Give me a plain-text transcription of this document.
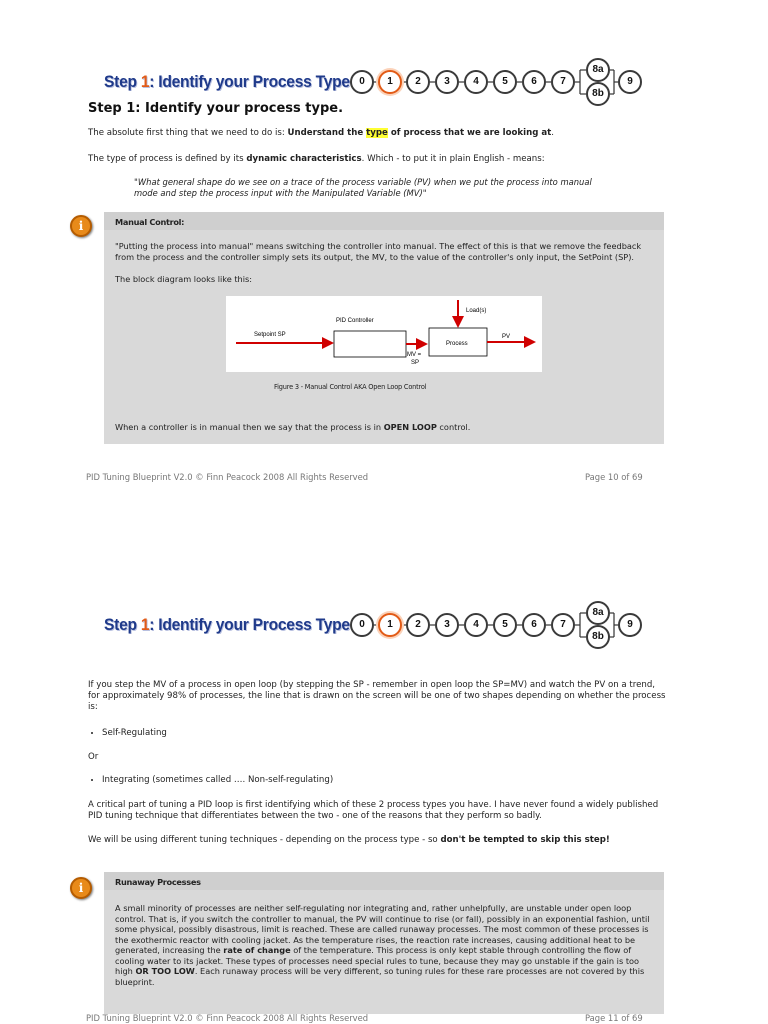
Step 1: Identify your Process Type 0	1	2	3	4	5	6	7
8a
8b
9
Step 1: Identify your process type.
The absolute first thing that we need to do is: Understand the type of process that we are looking at.
The type of process is defined by its dynamic characteristics. Which - to put it in plain English - means:
"What general shape do we see on a trace of the process variable (PV) when we put the process into manual mode and step the process input with the Manipulated Variable (MV)"
i	Manual Control:
"Putting the process into manual" means switching the controller into manual. The effect of this is that we remove the feedback from the process and the controller simply sets its output, the MV, to the value of the controller's only input, the SetPoint (SP).
The block diagram looks like this:
Load(s)
PID Controller
Setpoint SP
MV =
SP
Process
PV
Figure 3 - Manual Control AKA Open Loop Control
When a controller is in manual then we say that the process is in OPEN LOOP control.
PID Tuning Blueprint V2.0 © Finn Peacock 2008 All Rights Reserved	Page 10 of 69
Step 1: Identify your Process Type 0	1	2	3	4	5	6	7
8a
8b
9
If you step the MV of a process in open loop (by stepping the SP - remember in open loop the SP=MV) and watch the PV on a trend, for approximately 98% of processes, the line that is drawn on the screen will be one of two shapes depending on whether the process is:
• Self-Regulating
Or
• Integrating (sometimes called …. Non-self-regulating)
A critical part of tuning a PID loop is first identifying which of these 2 process types you have. I have never found a widely published PID tuning technique that differentiates between the two - one of the reasons that they perform so badly.
We will be using different tuning techniques - depending on the process type - so don't be tempted to skip this step!
i	Runaway Processes
A small minority of processes are neither self-regulating nor integrating and, rather unhelpfully, are unstable under open loop control. That is, if you switch the controller to manual, the PV will continue to rise (or fall), possibly in an exponential fashion, until some physical, possibly disastrous, limit is reached. These are called runaway processes. The most common of these processes is the exothermic reactor with cooling jacket. As the temperature rises, the reaction rate increases, causing additional heat to be generated, increasing the rate of change of the temperature. This process is only kept stable through controlling the flow of cooling water to its jacket. These types of processes need special rules to tune, because they may go unstable if the gain is too high OR TOO LOW. Each runaway process will be very different, so tuning rules for these rare processes are not covered by this blueprint.
PID Tuning Blueprint V2.0 © Finn Peacock 2008 All Rights Reserved	Page 11 of 69
